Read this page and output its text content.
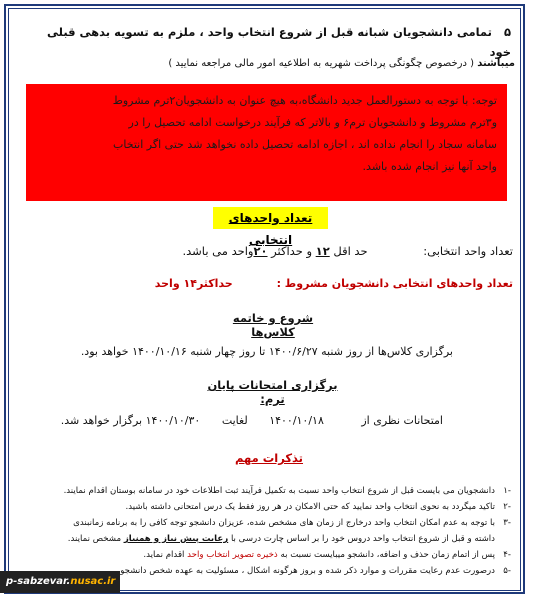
۵ تمامی دانشجویان شبانه قبل از شروع انتخاب واحد ، ملزم به تسویه بدهی قبلی خود
میباشند ( درخصوص چگونگی پرداخت شهریه به اطلاعیه امور مالی مراجعه نمایید )
توجه: با توجه به دستورالعمل جدید دانشگاه،به هیچ عنوان به دانشجویان۲ترم مشروط
و۳ترم مشروط و دانشجویان ترم۶ و بالاتر که فرآیند درخواست ادامه تحصیل را در
سامانه سجاد را انجام نداده اند ، اجازه ادامه تحصیل داده نخواهد شد حتی اگر انتخاب
واحد آنها نیز انجام شده باشد.
تعداد واحدهای انتخابی
تعداد واحد انتخابی: حد اقل ۱۲ و حداکثر ۲۰واحد می باشد.
تعداد واحدهای انتخابی دانشجویان مشروط : حداکثر۱۴ واحد
شروع و خاتمه کلاس‌ها
برگزاری کلاس‌ها از روز شنبه ۱۴۰۰/۶/۲۷ تا روز چهار شنبه ۱۴۰۰/۱۰/۱۶ خواهد بود.
برگزاری امتحانات پایان ترم:
امتحانات نظری از ۱۴۰۰/۱۰/۱۸ لغایت ۱۴۰۰/۱۰/۳۰ برگزار خواهد شد.
تذکرات مهم
-۱
دانشجویان می بایست قبل از شروع انتخاب واحد نسبت به تکمیل فرآیند ثبت اطلاعات خود در سامانه بوستان اقدام نمایند.
-۲
تاکید میگردد به نحوی انتخاب واحد نمایید که حتی الامکان در هر روز فقط یک درس امتحانی داشته باشید.
-۳
با توجه به عدم امکان انتخاب واحد درخارج از زمان های مشخص شده، عزیزان دانشجو توجه کافی را به برنامه زمانبندی
داشته و قبل از شروع انتخاب واحد دروس خود را بر اساس چارت درسی با رعایت پیش نیاز و همنیاز مشخص نمایند.
-۴
پس از اتمام زمان حذف و اضافه، دانشجو میبایست نسبت به ذخیره تصویر انتخاب واحد اقدام نماید.
-۵
درصورت عدم رعایت مقررات و موارد ذکر شده و بروز هرگونه اشکال ، مسئولیت به عهده شخص دانشجو
p-sabzevar.nusac.ir
